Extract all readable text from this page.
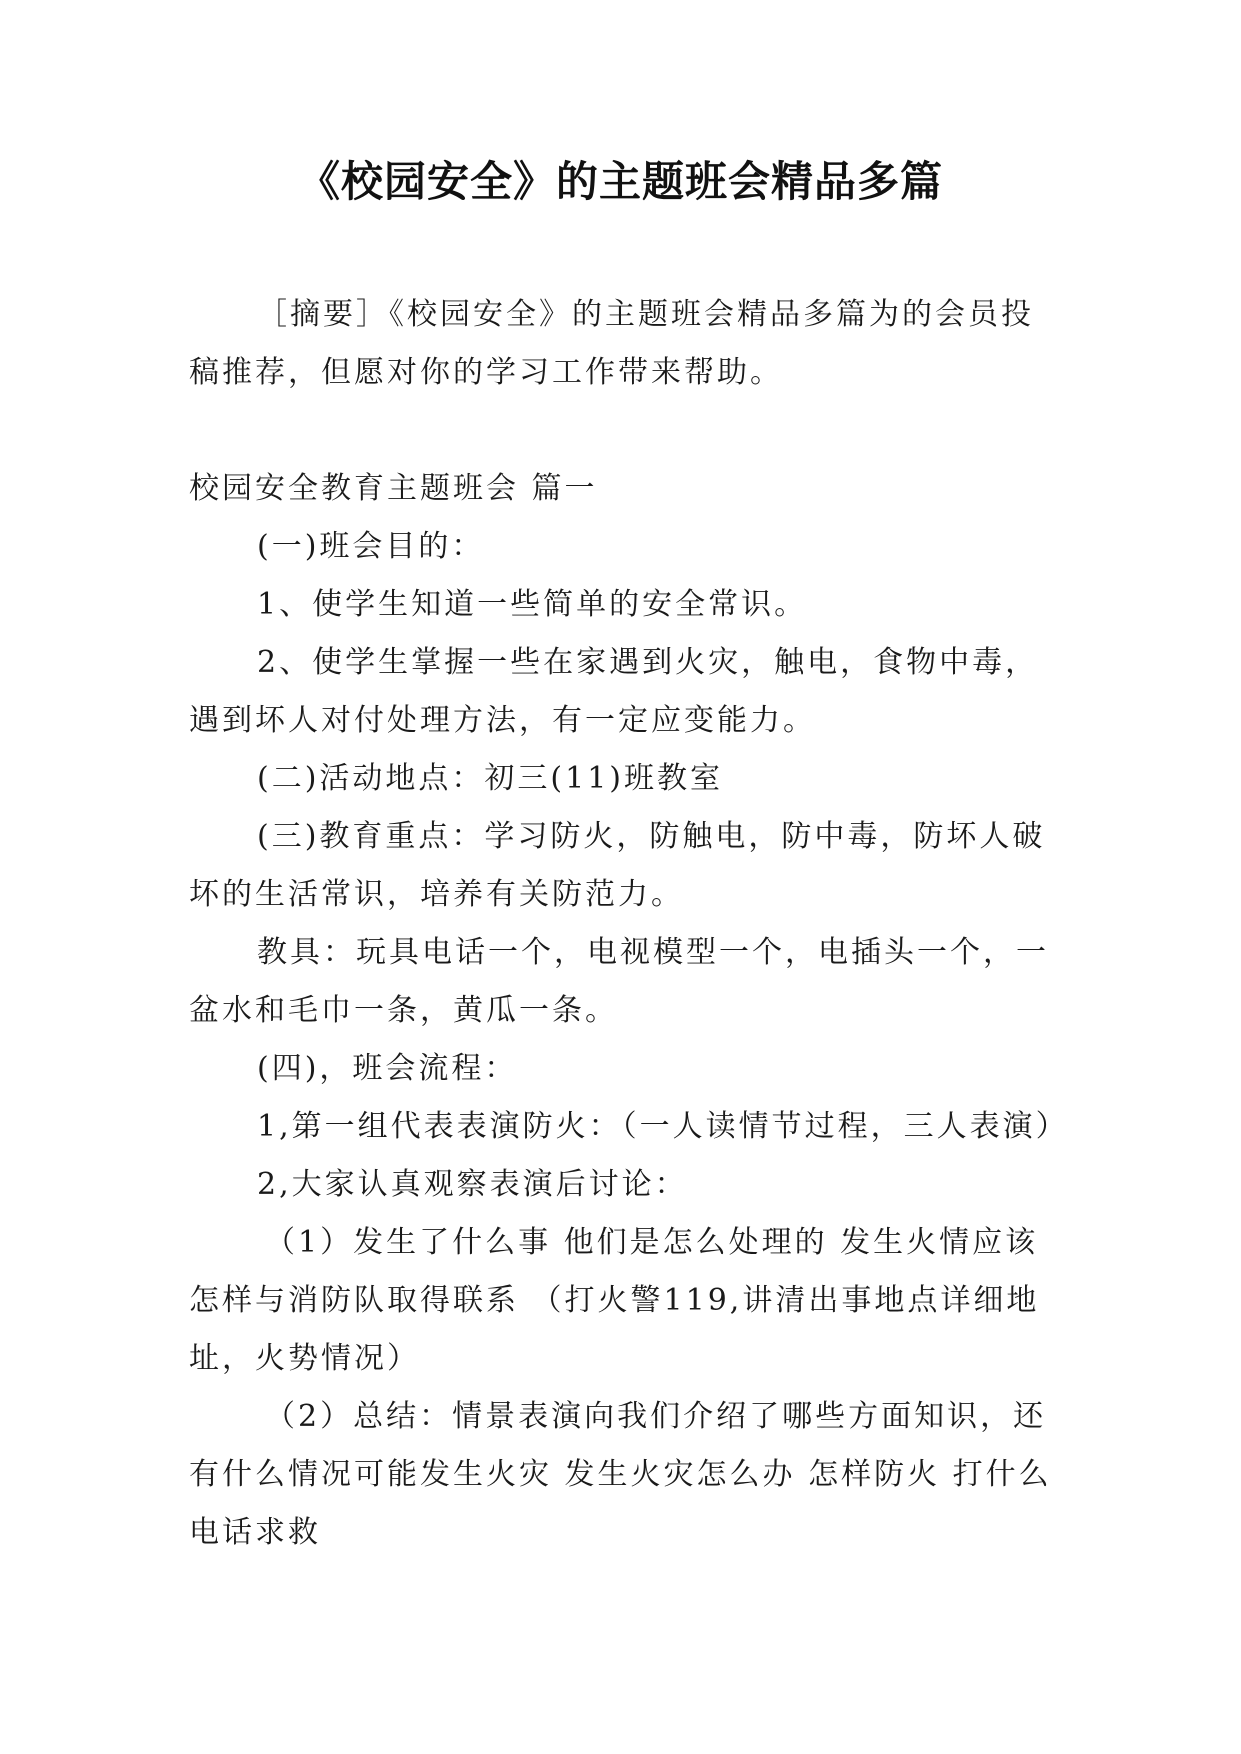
《校园安全》的主题班会精品多篇

［摘要］《校园安全》的主题班会精品多篇为的会员投稿推荐，但愿对你的学习工作带来帮助。

校园安全教育主题班会 篇一

(一)班会目的：

1、使学生知道一些简单的安全常识。

2、使学生掌握一些在家遇到火灾，触电，食物中毒，遇到坏人对付处理方法，有一定应变能力。

(二)活动地点：初三(11)班教室

(三)教育重点：学习防火，防触电，防中毒，防坏人破坏的生活常识，培养有关防范力。

教具：玩具电话一个，电视模型一个，电插头一个，一盆水和毛巾一条，黄瓜一条。

(四)，班会流程：

1,第一组代表表演防火：（一人读情节过程，三人表演）

2,大家认真观察表演后讨论：

（1）发生了什么事 他们是怎么处理的 发生火情应该怎样与消防队取得联系 （打火警119,讲清出事地点详细地址，火势情况）

（2）总结：情景表演向我们介绍了哪些方面知识，还有什么情况可能发生火灾 发生火灾怎么办 怎样防火 打什么电话求救
